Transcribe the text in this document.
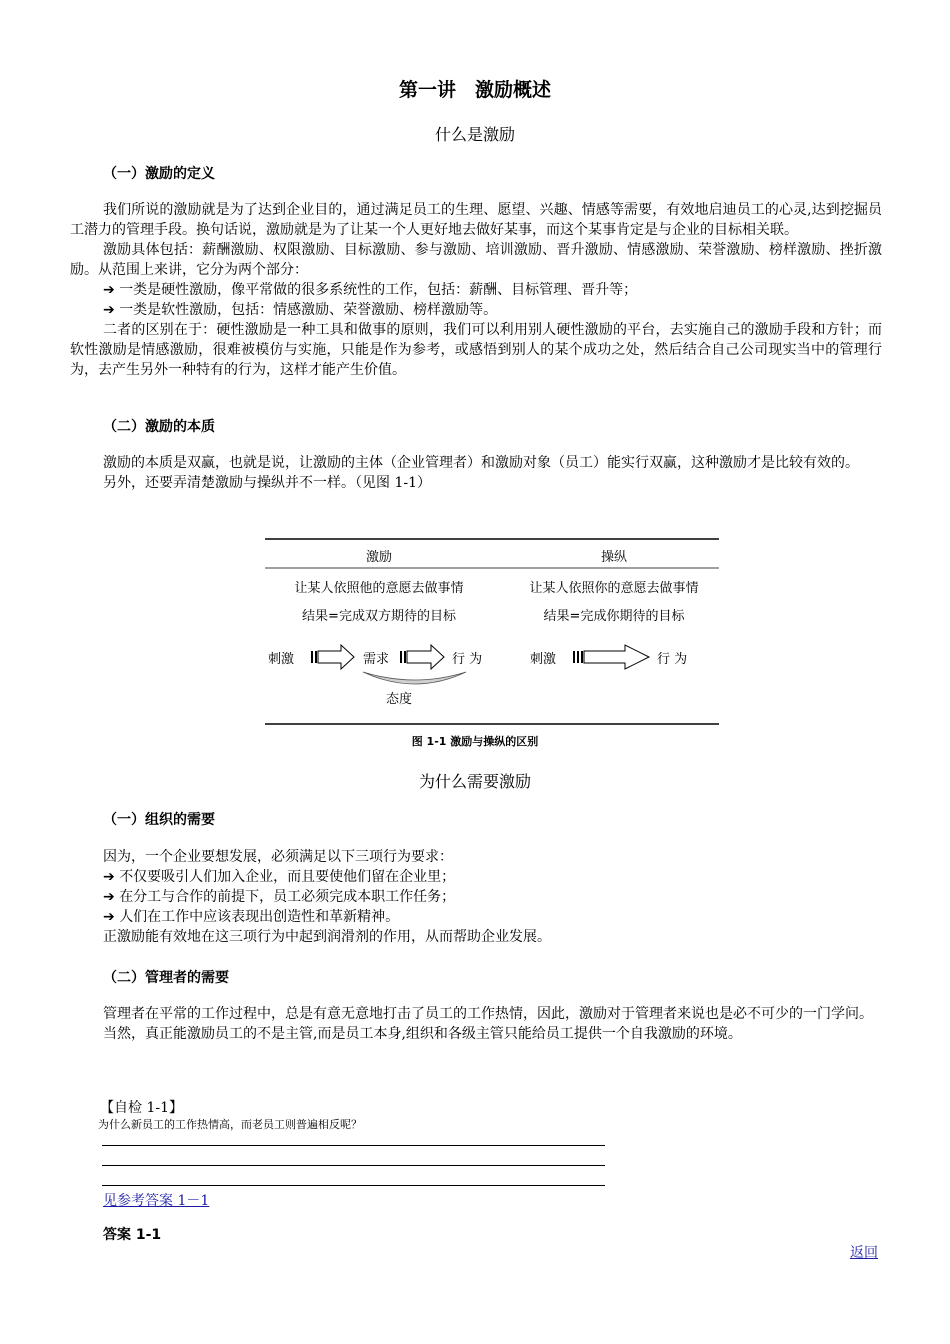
第一讲　激励概述
什么是激励
（一）激励的定义

我们所说的激励就是为了达到企业目的，通过满足员工的生理、愿望、兴趣、情感等需要，有效地启迪员工的心灵,达到挖掘员工潜力的管理手段。换句话说，激励就是为了让某一个人更好地去做好某事，而这个某事肯定是与企业的目标相关联。

激励具体包括：薪酬激励、权限激励、目标激励、参与激励、培训激励、晋升激励、情感激励、荣誉激励、榜样激励、挫折激励。从范围上来讲，它分为两个部分：

➔ 一类是硬性激励，像平常做的很多系统性的工作，包括：薪酬、目标管理、晋升等；

➔ 一类是软性激励，包括：情感激励、荣誉激励、榜样激励等。

二者的区别在于：硬性激励是一种工具和做事的原则，我们可以利用别人硬性激励的平台，去实施自己的激励手段和方针；而软性激励是情感激励，很难被模仿与实施，只能是作为参考，或感悟到别人的某个成功之处，然后结合自己公司现实当中的管理行为，去产生另外一种特有的行为，这样才能产生价值。

（二）激励的本质

激励的本质是双赢，也就是说，让激励的主体（企业管理者）和激励对象（员工）能实行双赢，这种激励才是比较有效的。

另外，还要弄清楚激励与操纵并不一样。（见图 1-1）

激励	操纵
让某人依照他的意愿去做事情
结果=完成双方期待的目标
让某人依照你的意愿去做事情
结果=完成你期待的目标
刺激	需求	行 为
态度
刺激	行 为
图 1-1 激励与操纵的区别
为什么需要激励
（一）组织的需要

因为，一个企业要想发展，必须满足以下三项行为要求：

➔ 不仅要吸引人们加入企业，而且要使他们留在企业里；

➔ 在分工与合作的前提下，员工必须完成本职工作任务；

➔ 人们在工作中应该表现出创造性和革新精神。

正激励能有效地在这三项行为中起到润滑剂的作用，从而帮助企业发展。

（二）管理者的需要

管理者在平常的工作过程中，总是有意无意地打击了员工的工作热情，因此，激励对于管理者来说也是必不可少的一门学问。

当然，真正能激励员工的不是主管,而是员工本身,组织和各级主管只能给员工提供一个自我激励的环境。

【自检 1-1】
为什么新员工的工作热情高，而老员工则普遍相反呢？
见参考答案 1－1
答案 1-1
返回
